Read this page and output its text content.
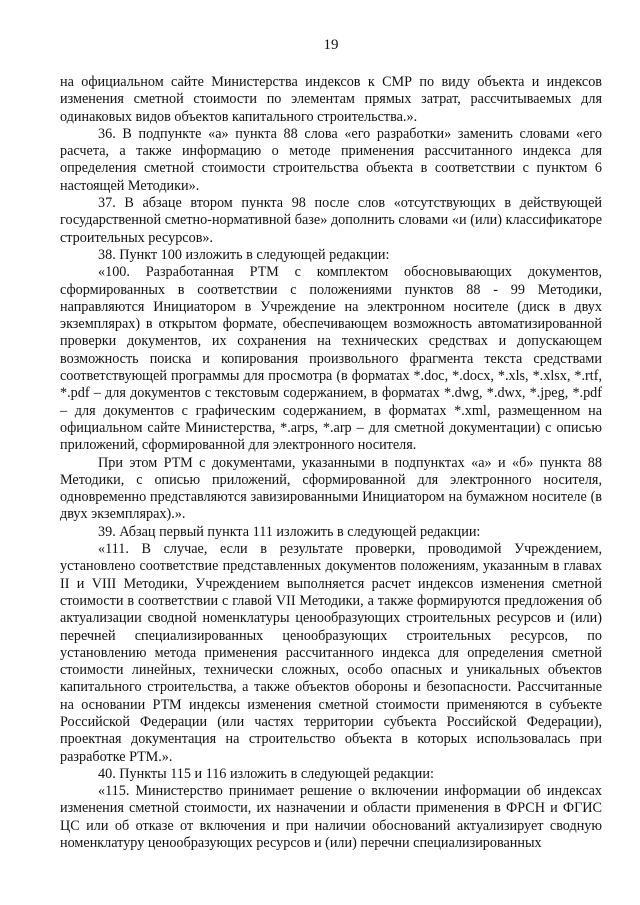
19

на официальном сайте Министерства индексов к СМР по виду объекта и индексов изменения сметной стоимости по элементам прямых затрат, рассчитываемых для одинаковых видов объектов капитального строительства.».

36. В подпункте «а» пункта 88 слова «его разработки» заменить словами «его расчета, а также информацию о методе применения рассчитанного индекса для определения сметной стоимости строительства объекта в соответствии с пунктом 6 настоящей Методики».

37. В абзаце втором пункта 98 после слов «отсутствующих в действующей государственной сметно-нормативной базе» дополнить словами «и (или) классификаторе строительных ресурсов».

38. Пункт 100 изложить в следующей редакции:

«100. Разработанная РТМ с комплектом обосновывающих документов, сформированных в соответствии с положениями пунктов 88 - 99 Методики, направляются Инициатором в Учреждение на электронном носителе (диск в двух экземплярах) в открытом формате, обеспечивающем возможность автоматизированной проверки документов, их сохранения на технических средствах и допускающем возможность поиска и копирования произвольного фрагмента текста средствами соответствующей программы для просмотра (в форматах *.doc, *.docx, *.xls, *.xlsx, *.rtf, *.pdf – для документов с текстовым содержанием, в форматах *.dwg, *.dwx, *.jpeg, *.pdf – для документов с графическим содержанием, в форматах *.xml, размещенном на официальном сайте Министерства, *.arps, *.arp – для сметной документации) с описью приложений, сформированной для электронного носителя.

При этом РТМ с документами, указанными в подпунктах «а» и «б» пункта 88 Методики, с описью приложений, сформированной для электронного носителя, одновременно представляются завизированными Инициатором на бумажном носителе (в двух экземплярах).».

39. Абзац первый пункта 111 изложить в следующей редакции:

«111. В случае, если в результате проверки, проводимой Учреждением, установлено соответствие представленных документов положениям, указанным в главах II и VIII Методики, Учреждением выполняется расчет индексов изменения сметной стоимости в соответствии с главой VII Методики, а также формируются предложения об актуализации сводной номенклатуры ценообразующих строительных ресурсов и (или) перечней специализированных ценообразующих строительных ресурсов, по установлению метода применения рассчитанного индекса для определения сметной стоимости линейных, технически сложных, особо опасных и уникальных объектов капитального строительства, а также объектов обороны и безопасности. Рассчитанные на основании РТМ индексы изменения сметной стоимости применяются в субъекте Российской Федерации (или частях территории субъекта Российской Федерации), проектная документация на строительство объекта в которых использовалась при разработке РТМ.».

40. Пункты 115 и 116 изложить в следующей редакции:

«115. Министерство принимает решение о включении информации об индексах изменения сметной стоимости, их назначении и области применения в ФРСН и ФГИС ЦС или об отказе от включения и при наличии обоснований актуализирует сводную номенклатуру ценообразующих ресурсов и (или) перечни специализированных
